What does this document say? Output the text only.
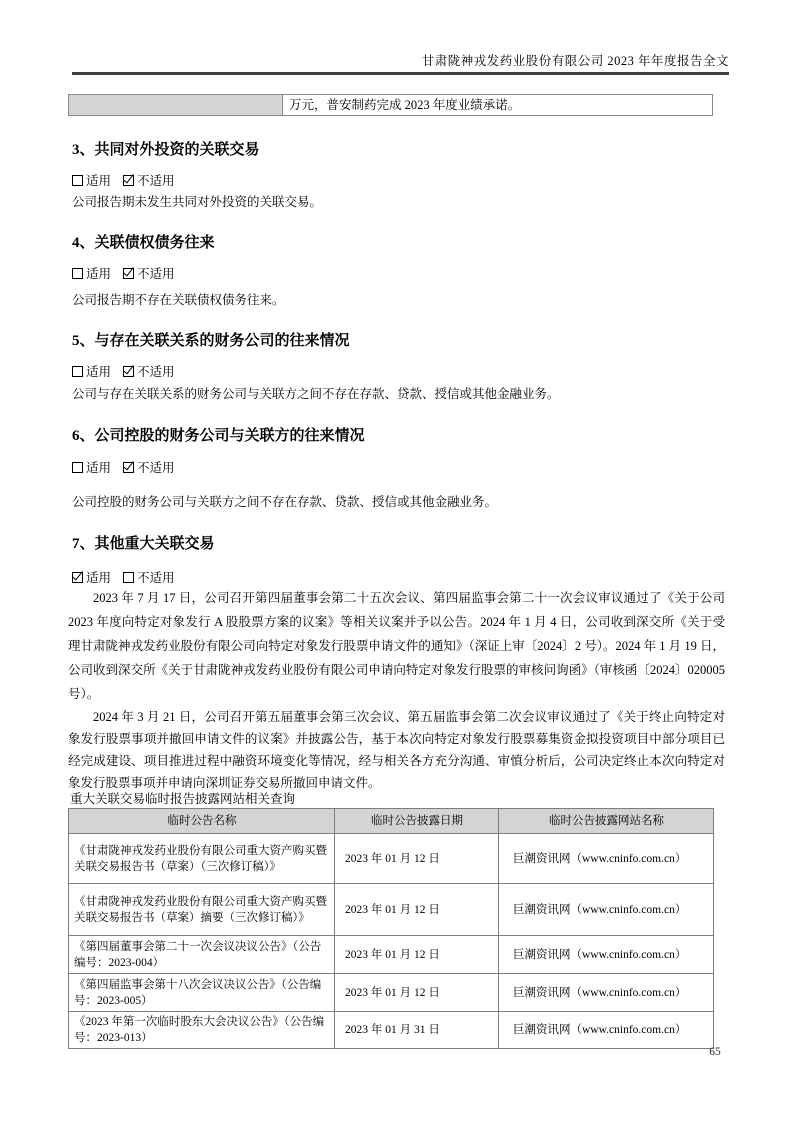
甘肃陇神戎发药业股份有限公司 2023 年年度报告全文
万元，普安制药完成 2023 年度业绩承诺。
3、共同对外投资的关联交易
适用 不适用
公司报告期未发生共同对外投资的关联交易。
4、关联债权债务往来
适用 不适用
公司报告期不存在关联债权债务往来。
5、与存在关联关系的财务公司的往来情况
适用 不适用
公司与存在关联关系的财务公司与关联方之间不存在存款、贷款、授信或其他金融业务。
6、公司控股的财务公司与关联方的往来情况
适用 不适用
公司控股的财务公司与关联方之间不存在存款、贷款、授信或其他金融业务。
7、其他重大关联交易
适用 不适用

2023 年 7 月 17 日，公司召开第四届董事会第二十五次会议、第四届监事会第二十一次会议审议通过了《关于公司 2023 年度向特定对象发行 A 股股票方案的议案》等相关议案并予以公告。2024 年 1 月 4 日，公司收到深交所《关于受理甘肃陇神戎发药业股份有限公司向特定对象发行股票申请文件的通知》（深证上审〔2024〕2 号）。2024 年 1 月 19 日，公司收到深交所《关于甘肃陇神戎发药业股份有限公司申请向特定对象发行股票的审核问询函》（审核函〔2024〕020005 号）。

2024 年 3 月 21 日，公司召开第五届董事会第三次会议、第五届监事会第二次会议审议通过了《关于终止向特定对象发行股票事项并撤回申请文件的议案》并披露公告，基于本次向特定对象发行股票募集资金拟投资项目中部分项目已经完成建设、项目推进过程中融资环境变化等情况，经与相关各方充分沟通、审慎分析后，公司决定终止本次向特定对象发行股票事项并申请向深圳证券交易所撤回申请文件。

重大关联交易临时报告披露网站相关查询
临时公告名称	临时公告披露日期	临时公告披露网站名称
《甘肃陇神戎发药业股份有限公司重大资产购买暨关联交易报告书（草案）（三次修订稿）》	2023 年 01 月 12 日	巨潮资讯网（www.cninfo.com.cn）
《甘肃陇神戎发药业股份有限公司重大资产购买暨关联交易报告书（草案）摘要（三次修订稿）》	2023 年 01 月 12 日	巨潮资讯网（www.cninfo.com.cn）
《第四届董事会第二十一次会议决议公告》（公告编号：2023-004）	2023 年 01 月 12 日	巨潮资讯网（www.cninfo.com.cn）
《第四届监事会第十八次会议决议公告》（公告编号：2023-005）	2023 年 01 月 12 日	巨潮资讯网（www.cninfo.com.cn）
《2023 年第一次临时股东大会决议公告》（公告编号：2023-013）	2023 年 01 月 31 日	巨潮资讯网（www.cninfo.com.cn）
65
